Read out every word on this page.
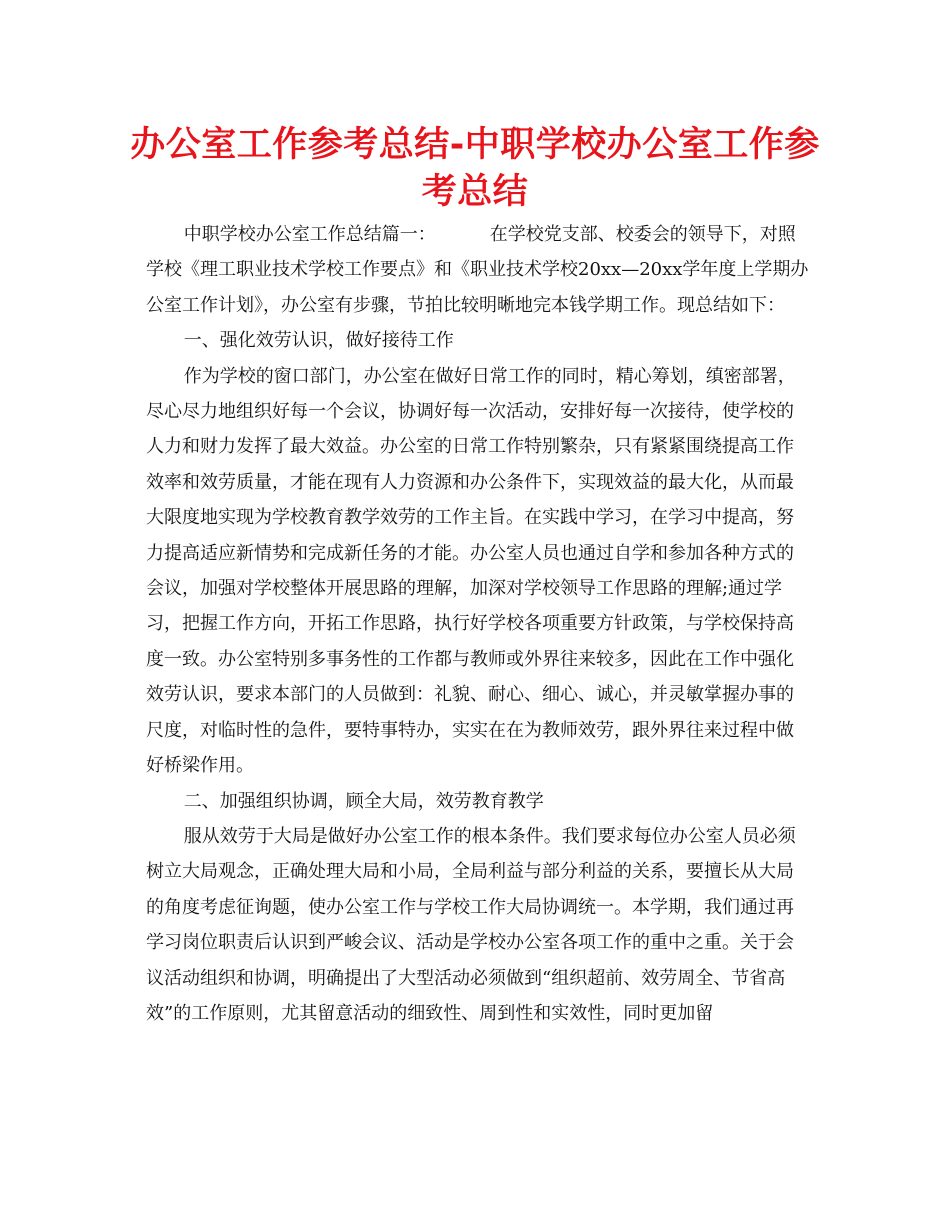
办公室工作参考总结-中职学校办公室工作参考总结

中职学校办公室工作总结篇一：	在学校党支部、校委会的领导下，对照学校《理工职业技术学校工作要点》和《职业技术学校20xx—20xx学年度上学期办公室工作计划》，办公室有步骤，节拍比较明晰地完本钱学期工作。现总结如下：

一、强化效劳认识，做好接待工作

作为学校的窗口部门，办公室在做好日常工作的同时，精心筹划，缜密部署，尽心尽力地组织好每一个会议，协调好每一次活动，安排好每一次接待，使学校的人力和财力发挥了最大效益。办公室的日常工作特别繁杂，只有紧紧围绕提高工作效率和效劳质量，才能在现有人力资源和办公条件下，实现效益的最大化，从而最大限度地实现为学校教育教学效劳的工作主旨。在实践中学习，在学习中提高，努力提高适应新情势和完成新任务的才能。办公室人员也通过自学和参加各种方式的会议，加强对学校整体开展思路的理解，加深对学校领导工作思路的理解;通过学习，把握工作方向，开拓工作思路，执行好学校各项重要方针政策，与学校保持高度一致。办公室特别多事务性的工作都与教师或外界往来较多，因此在工作中强化效劳认识，要求本部门的人员做到：礼貌、耐心、细心、诚心，并灵敏掌握办事的尺度，对临时性的急件，要特事特办，实实在在为教师效劳，跟外界往来过程中做好桥梁作用。

二、加强组织协调，顾全大局，效劳教育教学

服从效劳于大局是做好办公室工作的根本条件。我们要求每位办公室人员必须树立大局观念，正确处理大局和小局，全局利益与部分利益的关系，要擅长从大局的角度考虑征询题，使办公室工作与学校工作大局协调统一。本学期，我们通过再学习岗位职责后认识到严峻会议、活动是学校办公室各项工作的重中之重。关于会议活动组织和协调，明确提出了大型活动必须做到“组织超前、效劳周全、节省高效”的工作原则，尤其留意活动的细致性、周到性和实效性，同时更加留
